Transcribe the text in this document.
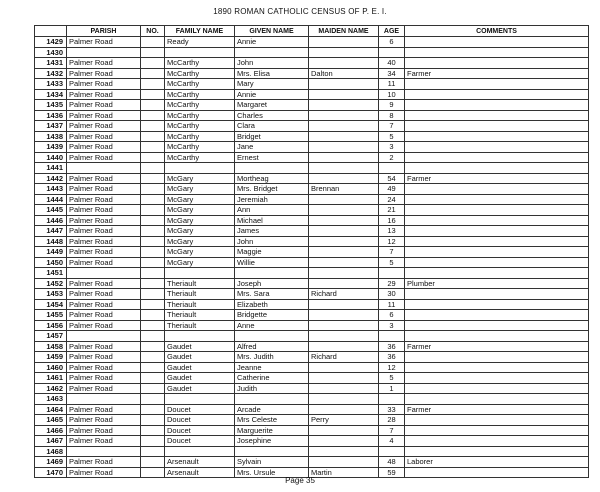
1890 ROMAN CATHOLIC CENSUS OF P. E. I.
	PARISH	NO.	FAMILY NAME	GIVEN NAME	MAIDEN NAME	AGE	COMMENTS
1429	Palmer Road		Ready	Annie		6	
1430							
1431	Palmer Road		McCarthy	John		40	
1432	Palmer Road		McCarthy	Mrs. Elisa	Dalton	34	Farmer
1433	Palmer Road		McCarthy	Mary		11	
1434	Palmer Road		McCarthy	Annie		10	
1435	Palmer Road		McCarthy	Margaret		9	
1436	Palmer Road		McCarthy	Charles		8	
1437	Palmer Road		McCarthy	Clara		7	
1438	Palmer Road		McCarthy	Bridget		5	
1439	Palmer Road		McCarthy	Jane		3	
1440	Palmer Road		McCarthy	Ernest		2	
1441							
1442	Palmer Road		McGary	Mortheag		54	Farmer
1443	Palmer Road		McGary	Mrs. Bridget	Brennan	49	
1444	Palmer Road		McGary	Jeremiah		24	
1445	Palmer Road		McGary	Ann		21	
1446	Palmer Road		McGary	Michael		16	
1447	Palmer Road		McGary	James		13	
1448	Palmer Road		McGary	John		12	
1449	Palmer Road		McGary	Maggie		7	
1450	Palmer Road		McGary	Willie		5	
1451							
1452	Palmer Road		Theriault	Joseph		29	Plumber
1453	Palmer Road		Theriault	Mrs. Sara	Richard	30	
1454	Palmer Road		Theriault	Elizabeth		11	
1455	Palmer Road		Theriault	Bridgette		6	
1456	Palmer Road		Theriault	Anne		3	
1457							
1458	Palmer Road		Gaudet	Alfred		36	Farmer
1459	Palmer Road		Gaudet	Mrs. Judith	Richard	36	
1460	Palmer Road		Gaudet	Jeanne		12	
1461	Palmer Road		Gaudet	Catherine		5	
1462	Palmer Road		Gaudet	Judith		1	
1463							
1464	Palmer Road		Doucet	Arcade		33	Farmer
1465	Palmer Road		Doucet	Mrs Celeste	Perry	28	
1466	Palmer Road		Doucet	Marguerite		7	
1467	Palmer Road		Doucet	Josephine		4	
1468							
1469	Palmer Road		Arsenault	Sylvain		48	Laborer
1470	Palmer Road		Arsenault	Mrs. Ursule	Martin	59	
Page 35
